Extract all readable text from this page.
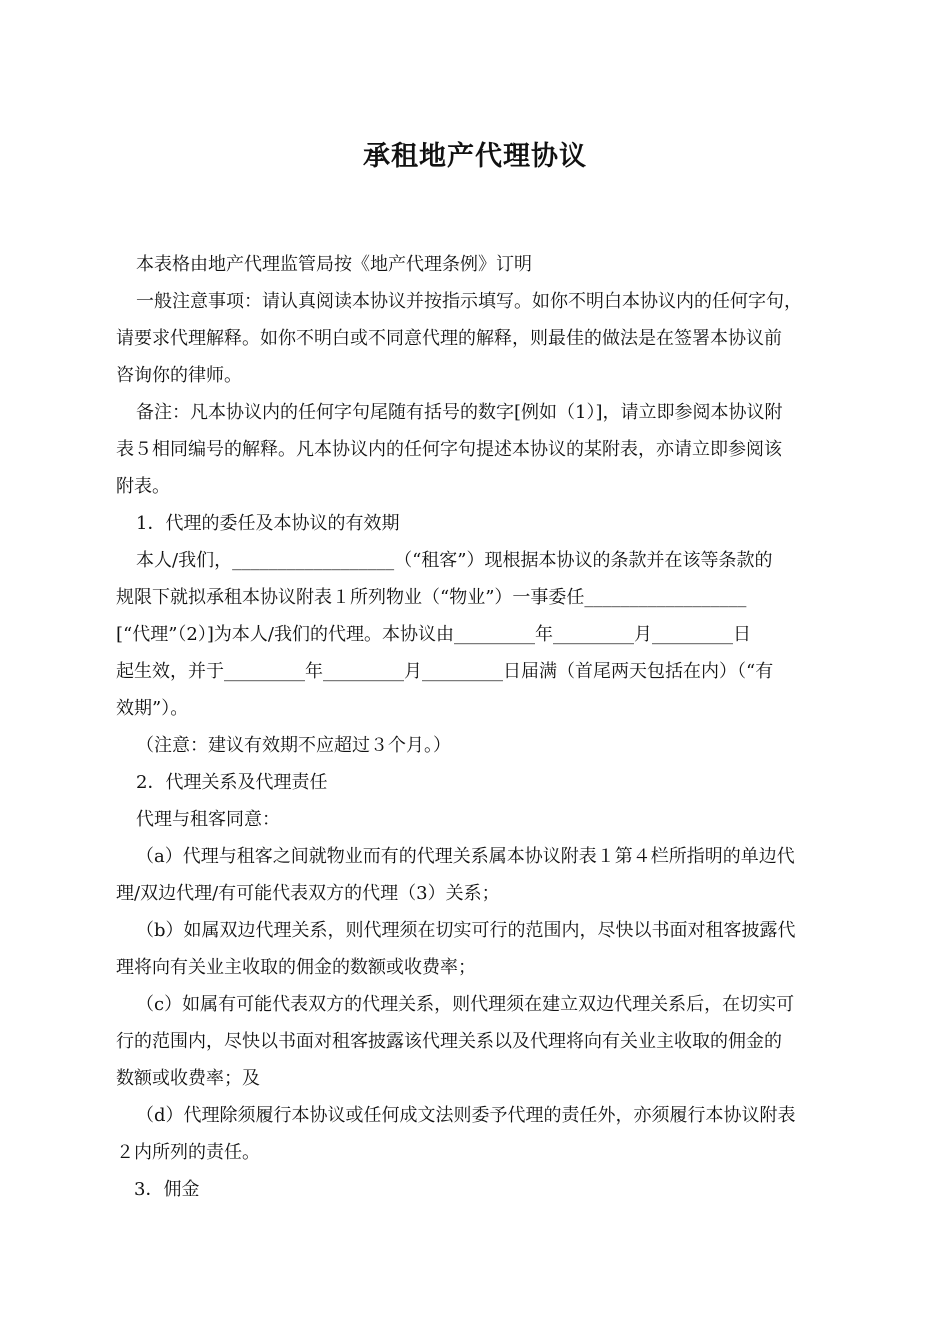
承租地产代理协议
本表格由地产代理监管局按《地产代理条例》订明
一般注意事项：请认真阅读本协议并按指示填写。如你不明白本协议内的任何字句，
请要求代理解释。如你不明白或不同意代理的解释，则最佳的做法是在签署本协议前
咨询你的律师。
备注：凡本协议内的任何字句尾随有括号的数字[例如（1）]，请立即参阅本协议附
表５相同编号的解释。凡本协议内的任何字句提述本协议的某附表，亦请立即参阅该
附表。
1．代理的委任及本协议的有效期
本人/我们，__________________（“租客”）现根据本协议的条款并在该等条款的
规限下就拟承租本协议附表１所列物业（“物业”）一事委任__________________
[“代理”（2）]为本人/我们的代理。本协议由_________年_________月_________日
起生效，并于_________年_________月_________日届满（首尾两天包括在内）（“有
效期”）。
（注意：建议有效期不应超过３个月。）
2．代理关系及代理责任
代理与租客同意：
（a）代理与租客之间就物业而有的代理关系属本协议附表１第４栏所指明的单边代
理/双边代理/有可能代表双方的代理（3）关系；
（b）如属双边代理关系，则代理须在切实可行的范围内，尽快以书面对租客披露代
理将向有关业主收取的佣金的数额或收费率；
（c）如属有可能代表双方的代理关系，则代理须在建立双边代理关系后，在切实可
行的范围内，尽快以书面对租客披露该代理关系以及代理将向有关业主收取的佣金的
数额或收费率；及
（d）代理除须履行本协议或任何成文法则委予代理的责任外，亦须履行本协议附表
２内所列的责任。
3．佣金
